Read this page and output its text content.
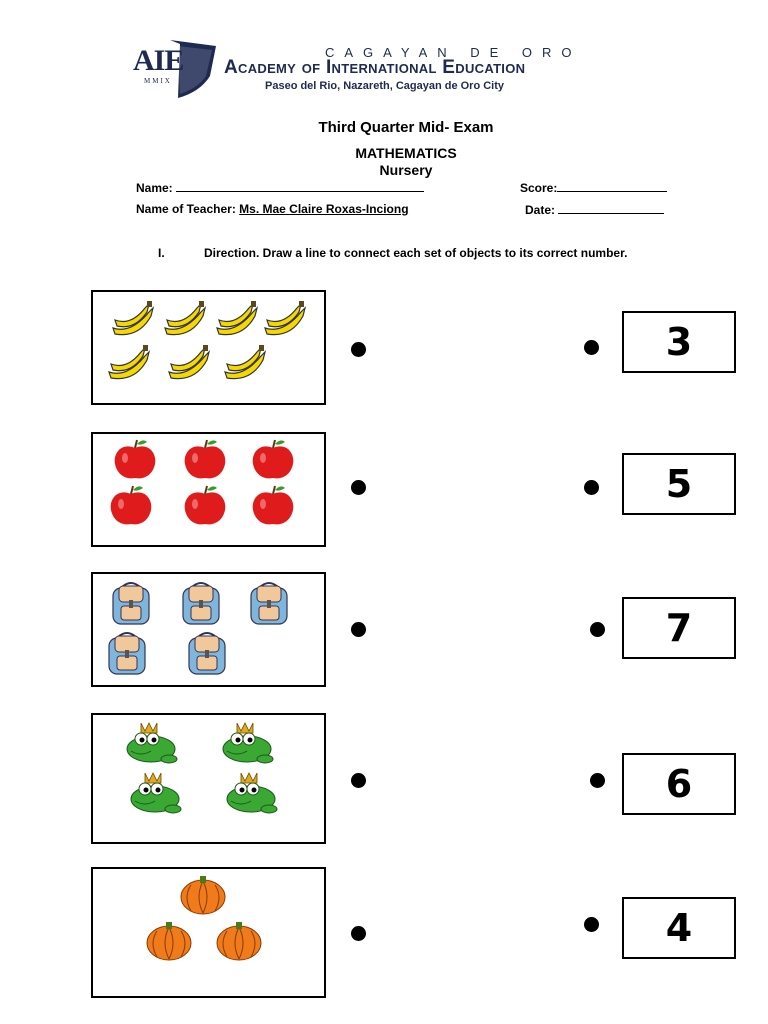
AIE
MMIX
CAGAYAN DE ORO
Academy of International Education
Paseo del Rio, Nazareth, Cagayan de Oro City
Third Quarter Mid- Exam
MATHEMATICS
Nursery
Name:	Score:
Name of Teacher: Ms. Mae Claire Roxas-Inciong	Date:
I.	Direction. Draw a line to connect each set of objects to its correct number.
3
5
7
6
4
